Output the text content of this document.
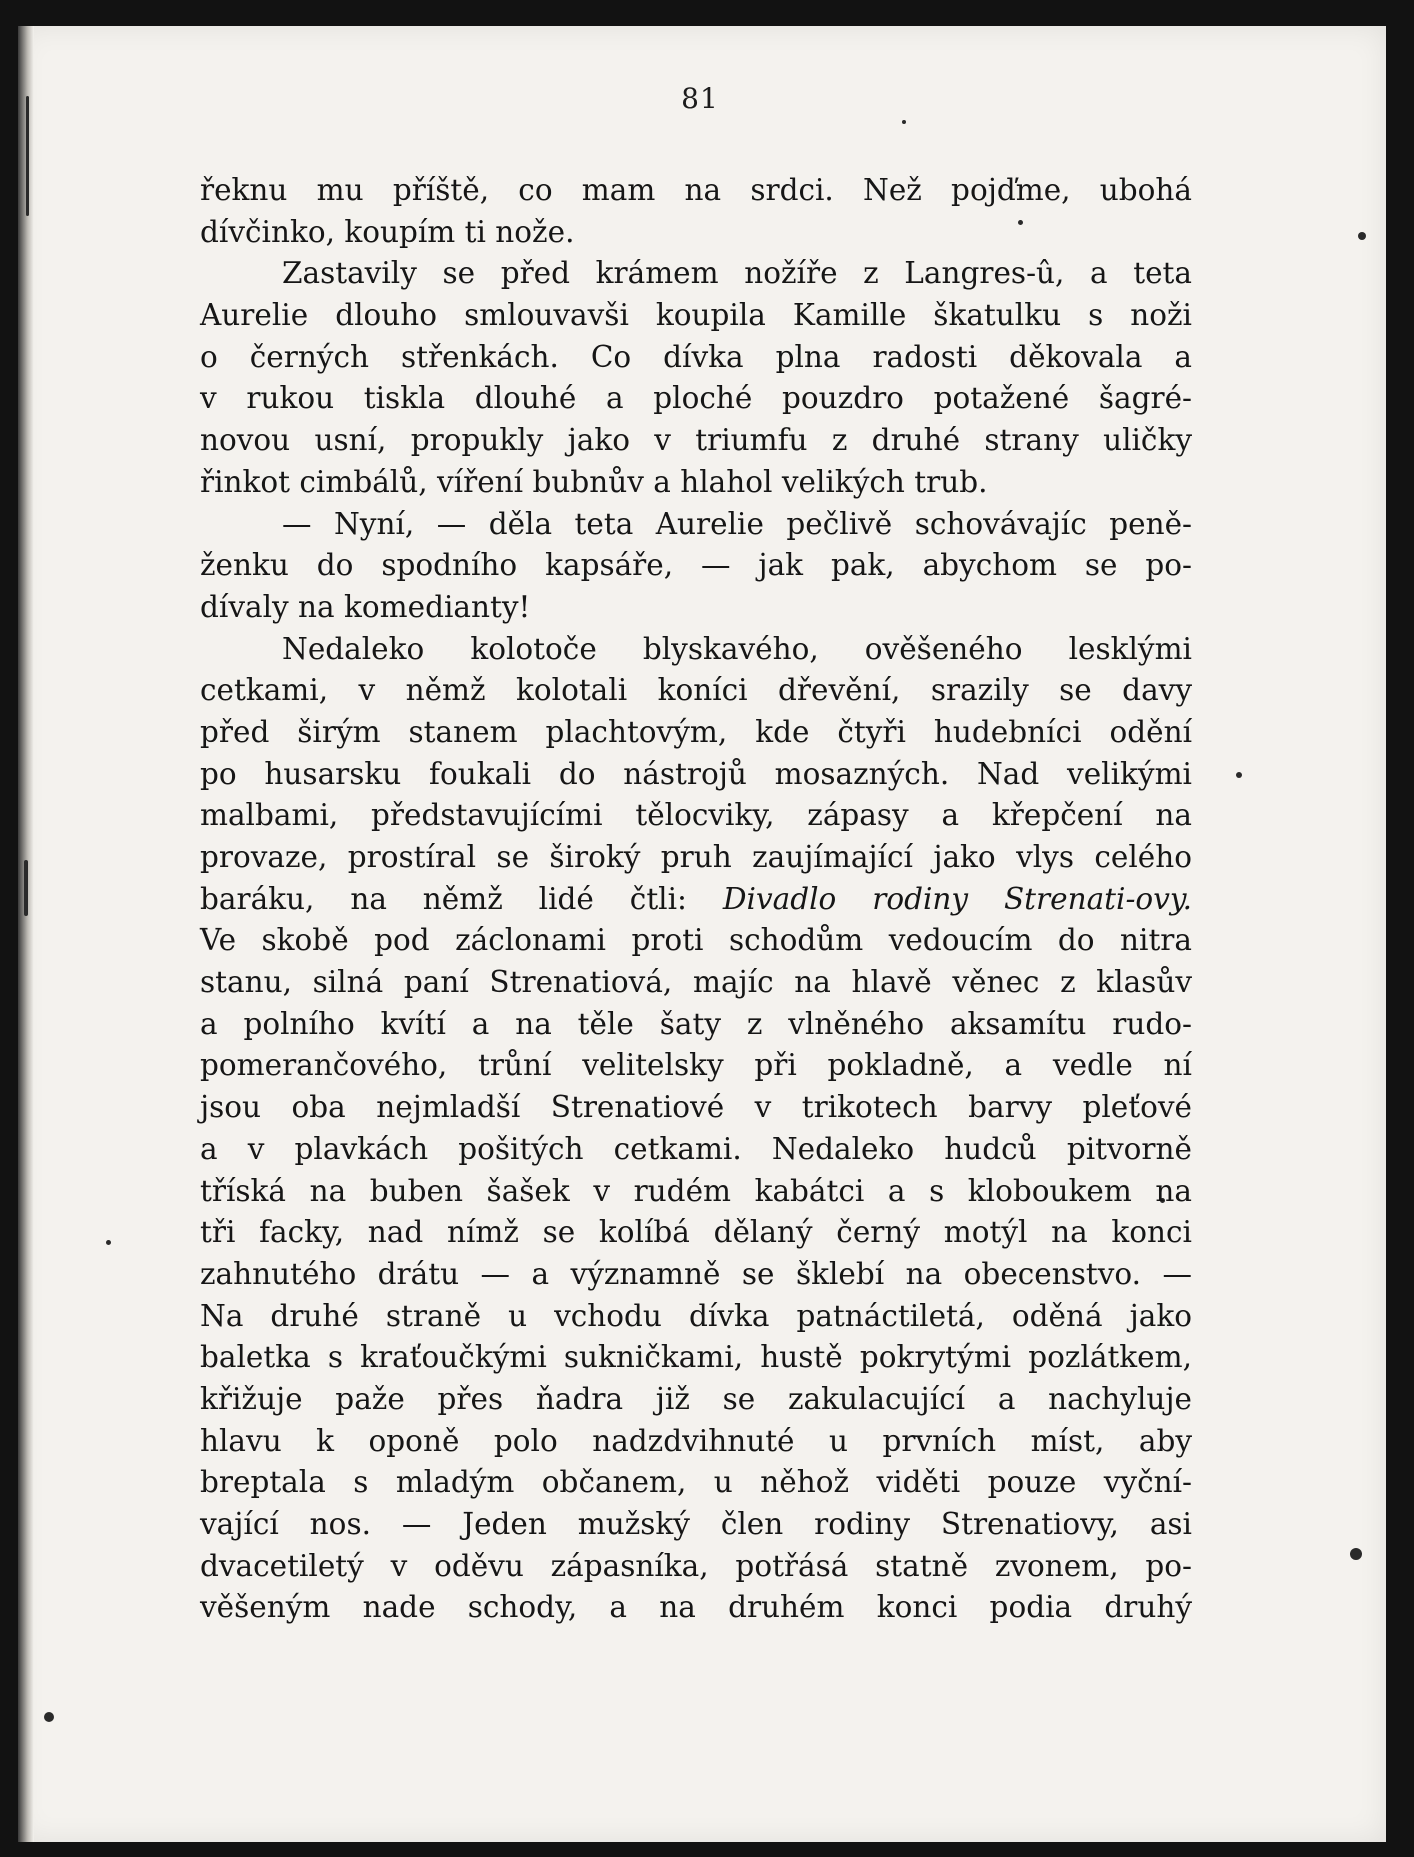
81
řeknu mu příště, co mam na srdci. Než pojďme, ubohá
dívčinko, koupím ti nože.
Zastavily se před krámem nožíře z Langres-û, a teta
Aurelie dlouho smlouvavši koupila Kamille škatulku s noži
o černých střenkách. Co dívka plna radosti děkovala a
v rukou tiskla dlouhé a ploché pouzdro potažené šagré-
novou usní, propukly jako v triumfu z druhé strany uličky
řinkot cimbálů, víření bubnův a hlahol velikých trub.
— Nyní, — děla teta Aurelie pečlivě schovávajíc peně-
ženku do spodního kapsáře, — jak pak, abychom se po-
dívaly na komedianty!
Nedaleko kolotoče blyskavého, ověšeného lesklými
cetkami, v němž kolotali koníci dřevění, srazily se davy
před širým stanem plachtovým, kde čtyři hudebníci odění
po husarsku foukali do nástrojů mosazných. Nad velikými
malbami, představujícími tělocviky, zápasy a křepčení na
provaze, prostíral se široký pruh zaujímající jako vlys celého
baráku, na němž lidé čtli: Divadlo rodiny Strenati-ovy.
Ve skobě pod záclonami proti schodům vedoucím do nitra
stanu, silná paní Strenatiová, majíc na hlavě věnec z klasův
a polního kvítí a na těle šaty z vlněného aksamítu rudo-
pomerančového, trůní velitelsky při pokladně, a vedle ní
jsou oba nejmladší Strenatiové v trikotech barvy pleťové
a v plavkách pošitých cetkami. Nedaleko hudců pitvorně
tříská na buben šašek v rudém kabátci a s kloboukem na
tři facky, nad nímž se kolíbá dělaný černý motýl na konci
zahnutého drátu — a významně se šklebí na obecenstvo. —
Na druhé straně u vchodu dívka patnáctiletá, oděná jako
baletka s kraťoučkými sukničkami, hustě pokrytými pozlátkem,
křižuje paže přes ňadra již se zakulacující a nachyluje
hlavu k oponě polo nadzdvihnuté u prvních míst, aby
breptala s mladým občanem, u něhož viděti pouze vyční-
vající nos. — Jeden mužský člen rodiny Strenatiovy, asi
dvacetiletý v oděvu zápasníka, potřásá statně zvonem, po-
věšeným nade schody, a na druhém konci podia druhý
